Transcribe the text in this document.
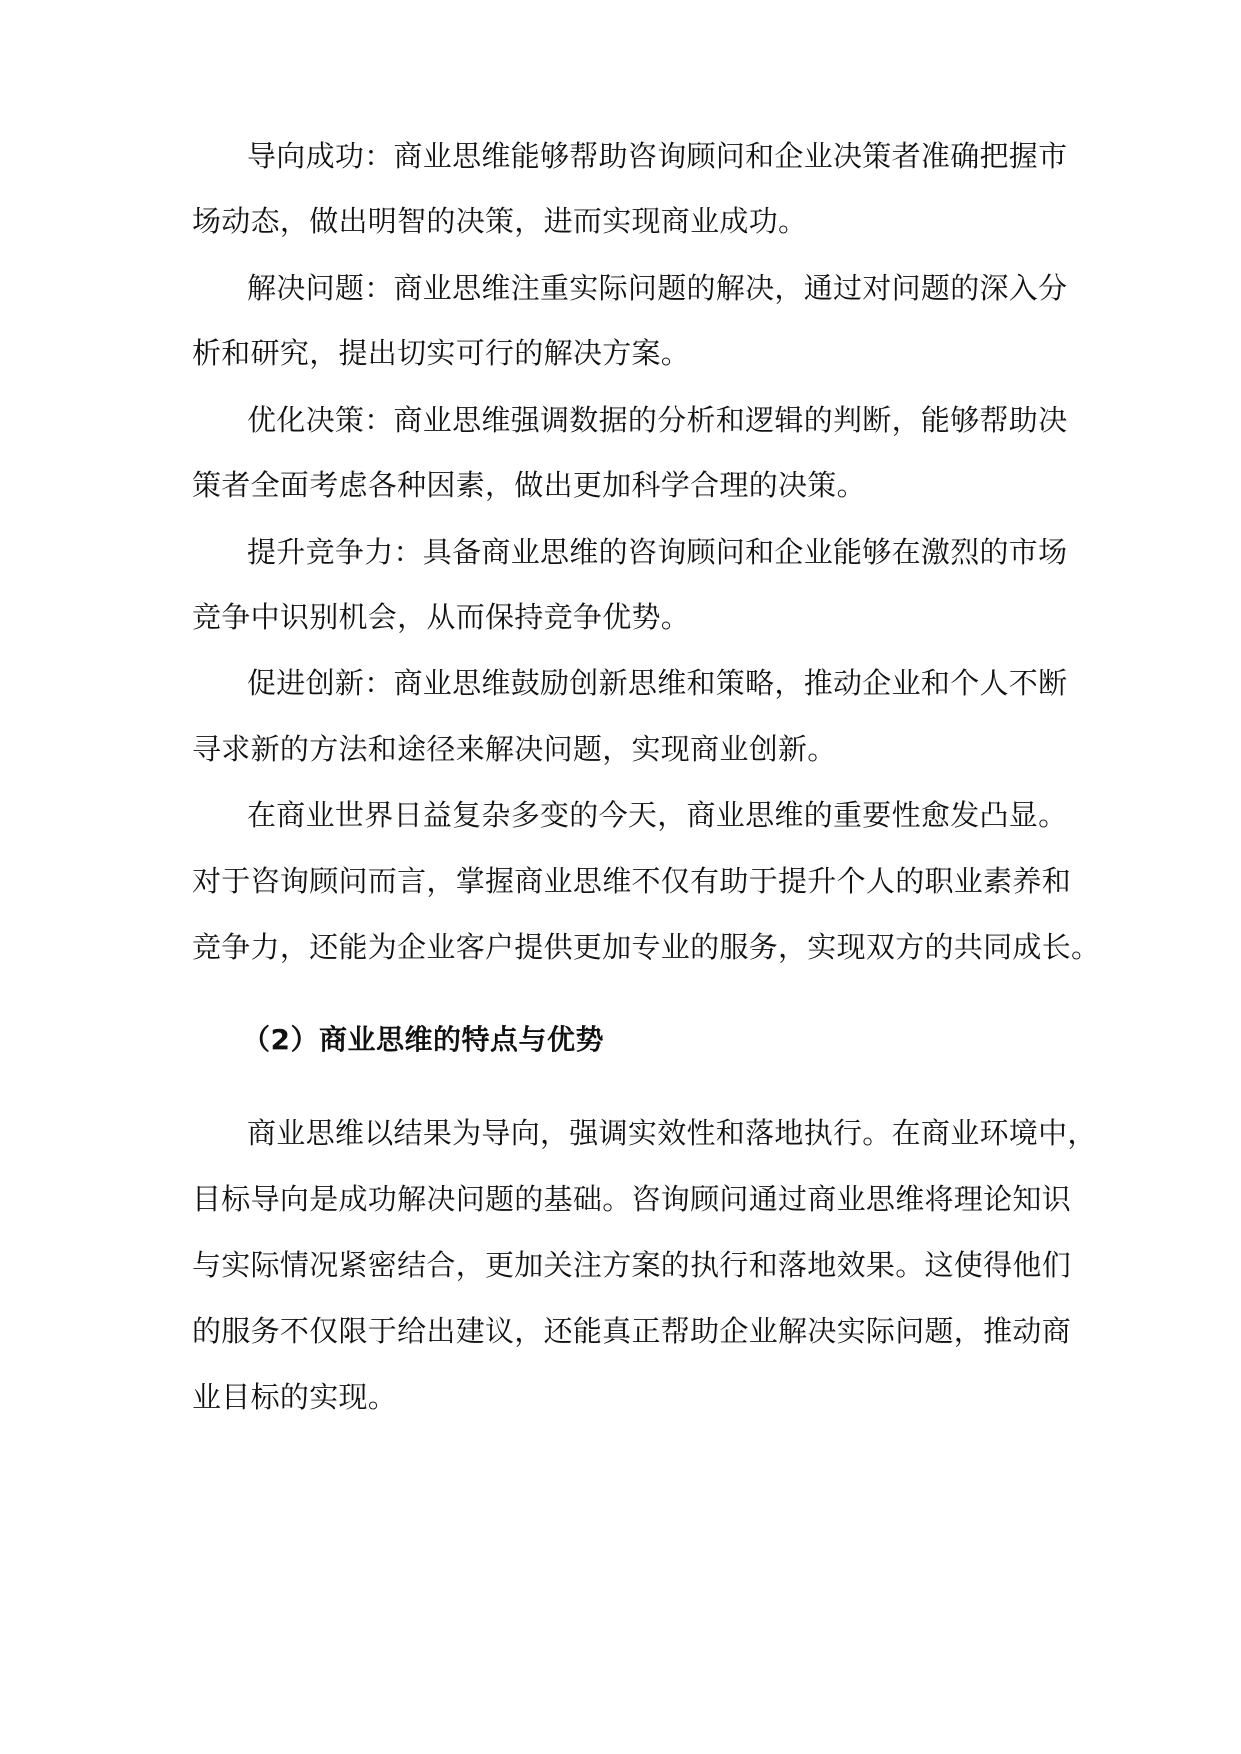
导向成功：商业思维能够帮助咨询顾问和企业决策者准确把握市
场动态，做出明智的决策，进而实现商业成功。
解决问题：商业思维注重实际问题的解决，通过对问题的深入分
析和研究，提出切实可行的解决方案。
优化决策：商业思维强调数据的分析和逻辑的判断，能够帮助决
策者全面考虑各种因素，做出更加科学合理的决策。
提升竞争力：具备商业思维的咨询顾问和企业能够在激烈的市场
竞争中识别机会，从而保持竞争优势。
促进创新：商业思维鼓励创新思维和策略，推动企业和个人不断
寻求新的方法和途径来解决问题，实现商业创新。
在商业世界日益复杂多变的今天，商业思维的重要性愈发凸显。
对于咨询顾问而言，掌握商业思维不仅有助于提升个人的职业素养和
竞争力，还能为企业客户提供更加专业的服务，实现双方的共同成长。
（2）商业思维的特点与优势
商业思维以结果为导向，强调实效性和落地执行。在商业环境中，
目标导向是成功解决问题的基础。咨询顾问通过商业思维将理论知识
与实际情况紧密结合，更加关注方案的执行和落地效果。这使得他们
的服务不仅限于给出建议，还能真正帮助企业解决实际问题，推动商
业目标的实现。
